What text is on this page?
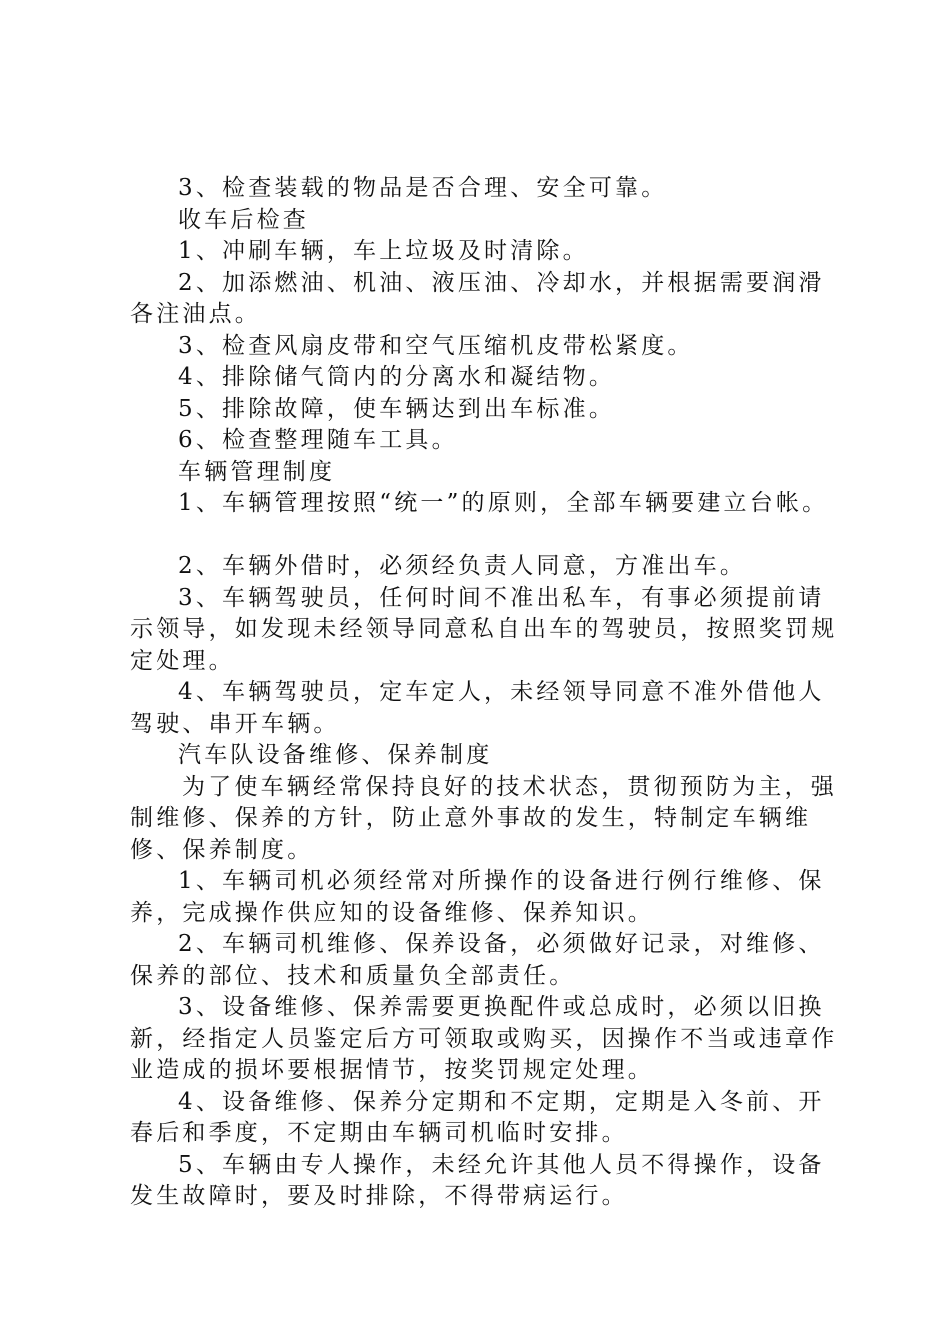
3、检查装载的物品是否合理、安全可靠。

收车后检查

1、冲刷车辆，车上垃圾及时清除。

2、加添燃油、机油、液压油、冷却水，并根据需要润滑各注油点。

3、检查风扇皮带和空气压缩机皮带松紧度。

4、排除储气筒内的分离水和凝结物。

5、排除故障，使车辆达到出车标准。

6、检查整理随车工具。

车辆管理制度

1、车辆管理按照“统一”的原则，全部车辆要建立台帐。

2、车辆外借时，必须经负责人同意，方准出车。

3、车辆驾驶员，任何时间不准出私车，有事必须提前请示领导，如发现未经领导同意私自出车的驾驶员，按照奖罚规定处理。

4、车辆驾驶员，定车定人，未经领导同意不准外借他人驾驶、串开车辆。

汽车队设备维修、保养制度

为了使车辆经常保持良好的技术状态，贯彻预防为主，强制维修、保养的方针，防止意外事故的发生，特制定车辆维修、保养制度。

1、车辆司机必须经常对所操作的设备进行例行维修、保养，完成操作供应知的设备维修、保养知识。

2、车辆司机维修、保养设备，必须做好记录，对维修、保养的部位、技术和质量负全部责任。

3、设备维修、保养需要更换配件或总成时，必须以旧换新，经指定人员鉴定后方可领取或购买，因操作不当或违章作业造成的损坏要根据情节，按奖罚规定处理。

4、设备维修、保养分定期和不定期，定期是入冬前、开春后和季度，不定期由车辆司机临时安排。

5、车辆由专人操作，未经允许其他人员不得操作，设备发生故障时，要及时排除，不得带病运行。
